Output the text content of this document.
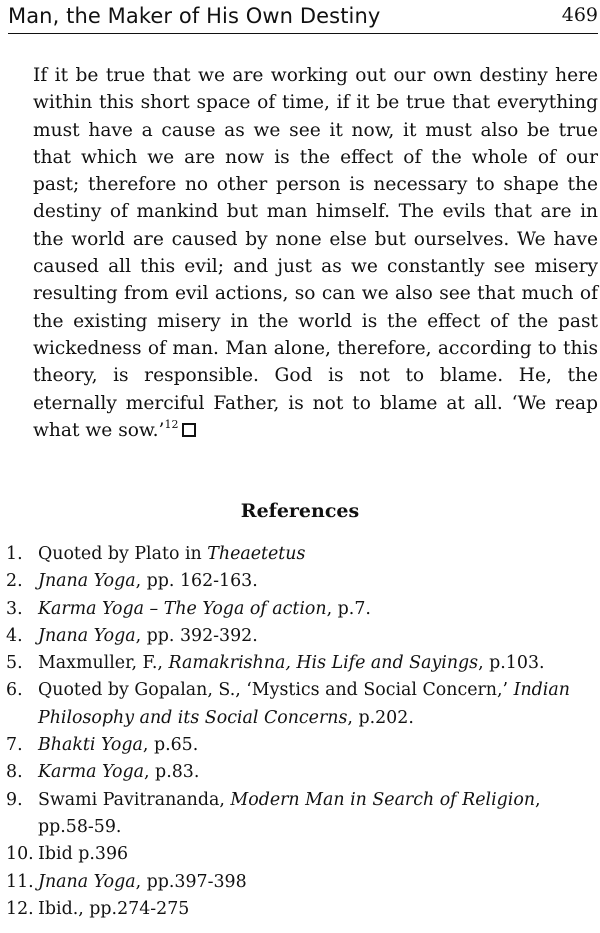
Man, the Maker of His Own Destiny	469

If it be true that we are working out our own destiny here within this short space of time, if it be true that everything must have a cause as we see it now, it must also be true that which we are now is the effect of the whole of our past; therefore no other person is necessary to shape the destiny of mankind but man himself. The evils that are in the world are caused by none else but ourselves. We have caused all this evil; and just as we constantly see misery resulting from evil actions, so can we also see that much of the existing misery in the world is the effect of the past wickedness of man. Man alone, therefore, according to this theory, is responsible. God is not to blame. He, the eternally merciful Father, is not to blame at all. ‘We reap what we sow.’$^{12}$

References
1. Quoted by Plato in Theaetetus
2. Jnana Yoga, pp. 162-163.
3. Karma Yoga – The Yoga of action, p.7.
4. Jnana Yoga, pp. 392-392.
5. Maxmuller, F., Ramakrishna, His Life and Sayings, p.103.
6. Quoted by Gopalan, S., ‘Mystics and Social Concern,’ Indian Philosophy and its Social Concerns, p.202.
7. Bhakti Yoga, p.65.
8. Karma Yoga, p.83.
9. Swami Pavitrananda, Modern Man in Search of Religion, pp.58-59.
10. Ibid p.396
11. Jnana Yoga, pp.397-398
12. Ibid., pp.274-275
